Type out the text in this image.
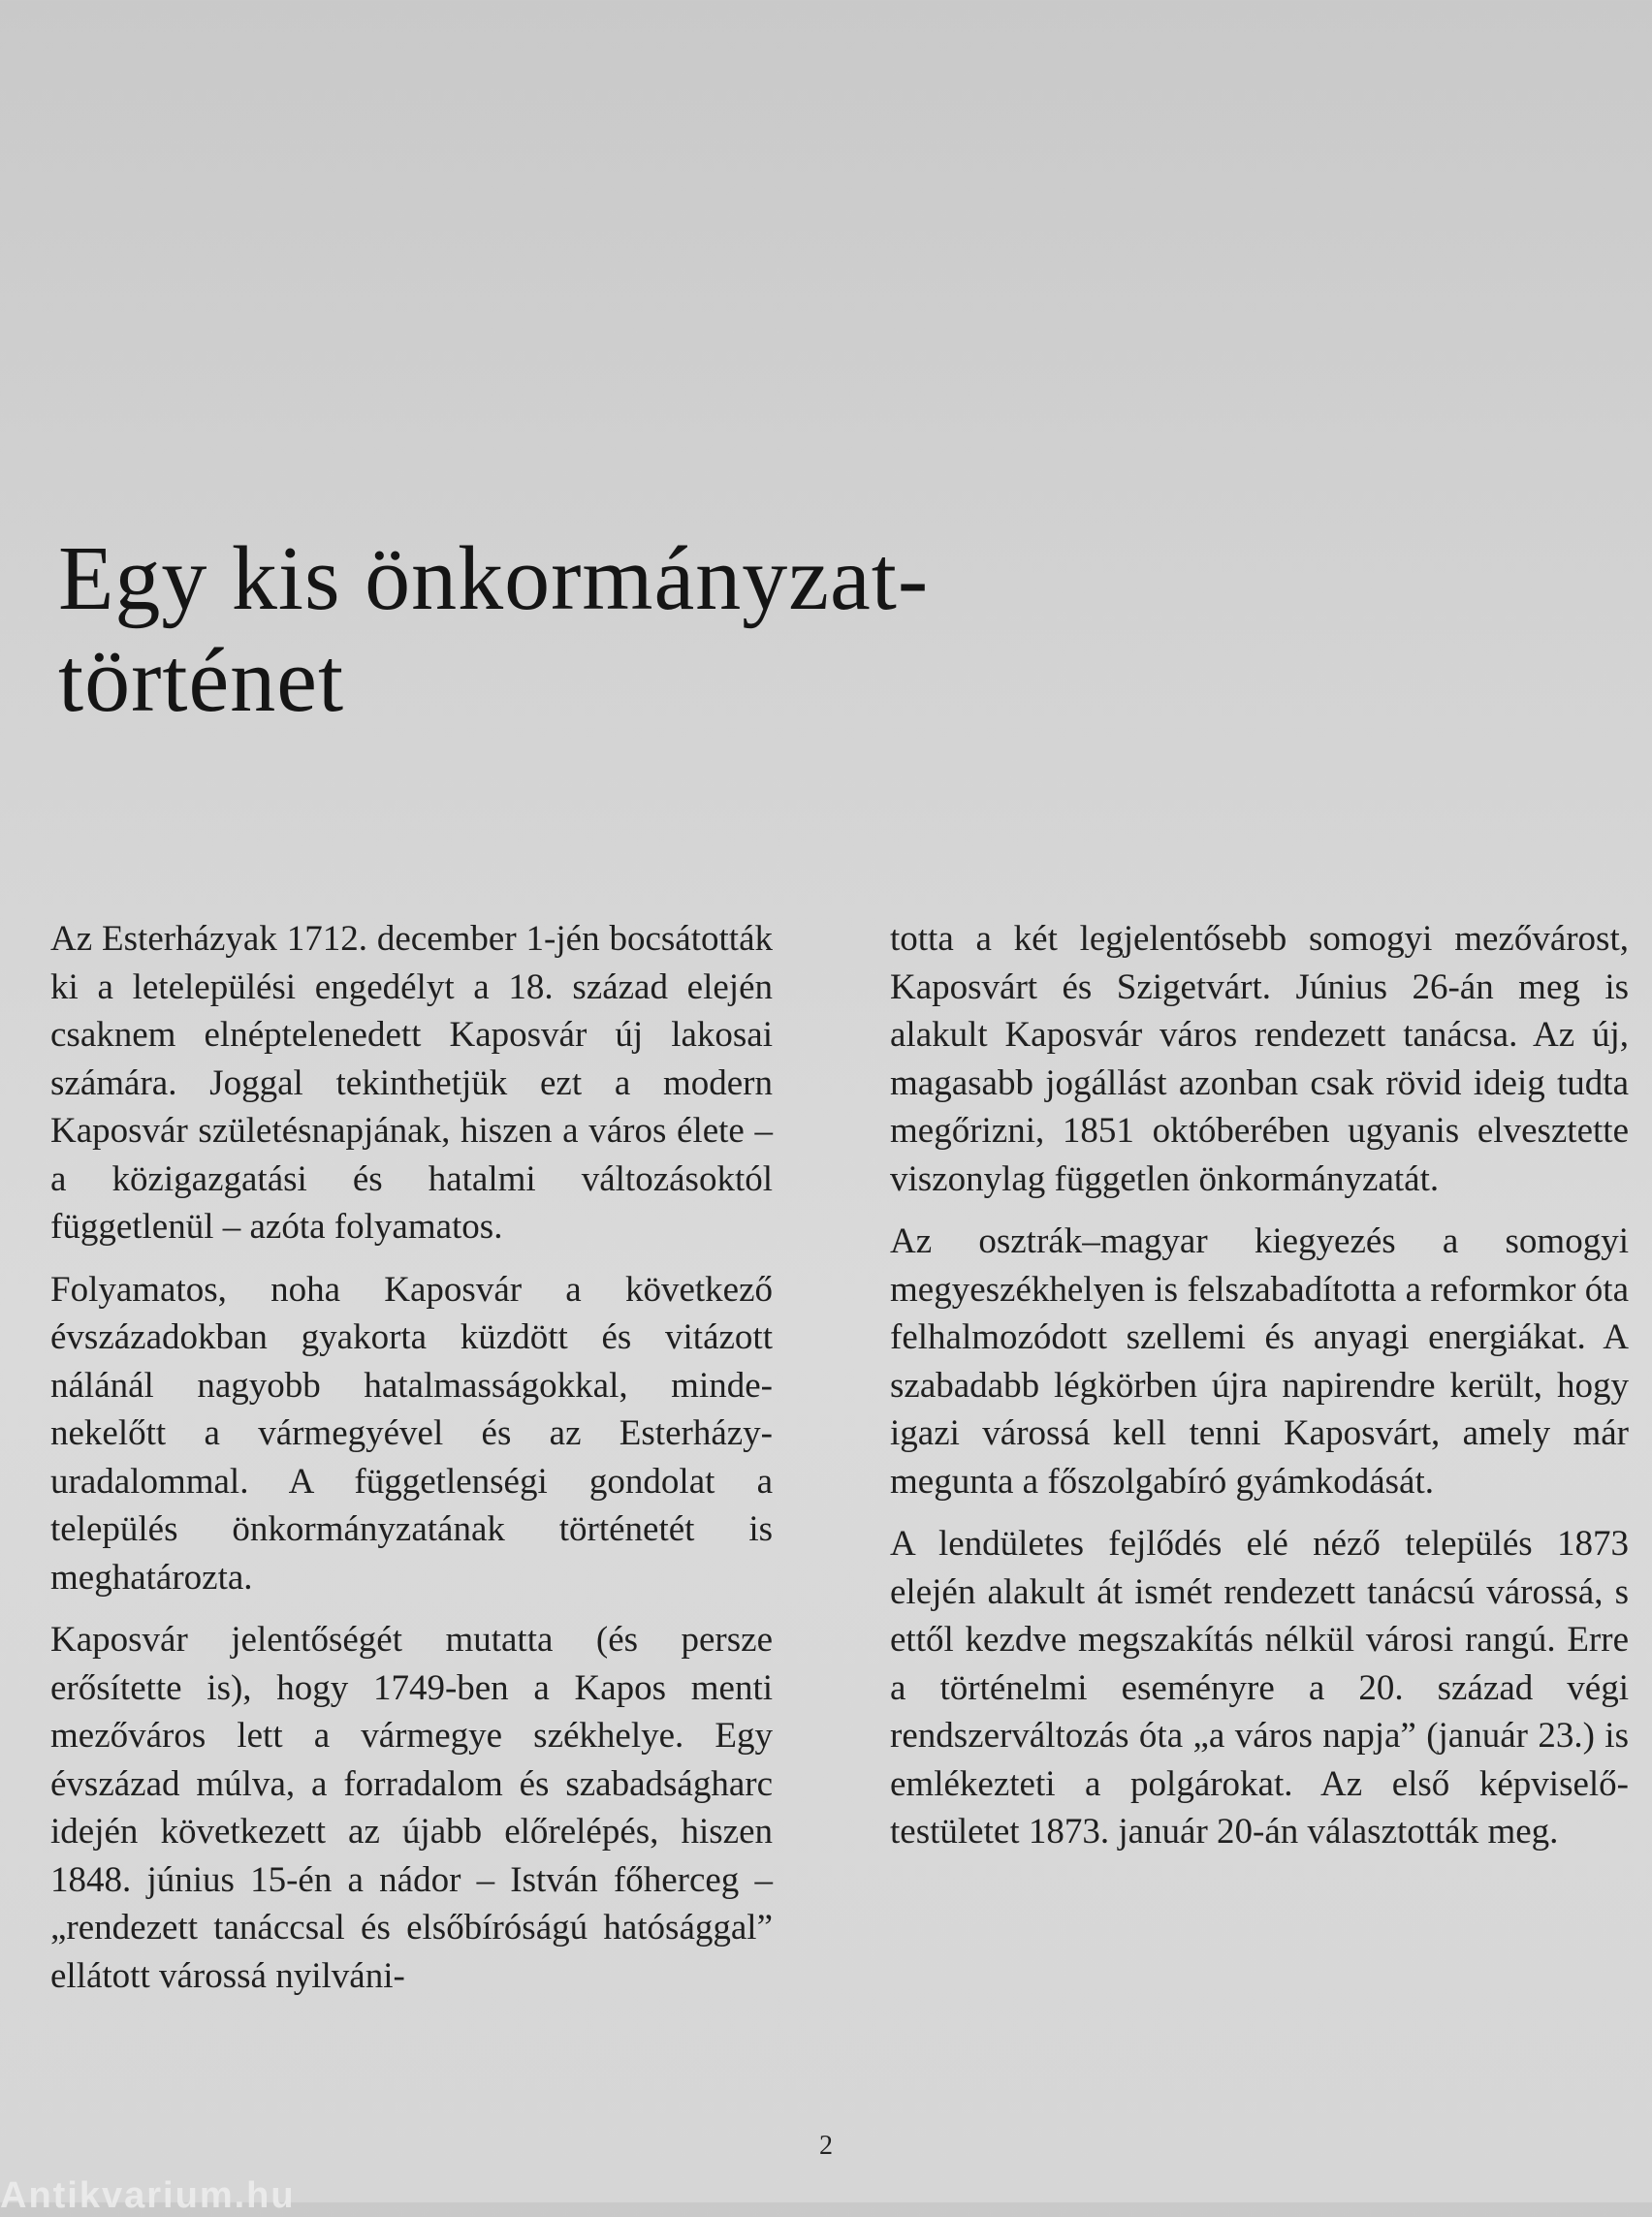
Egy kis önkormányzat-
történet

Az Esterházyak 1712. december 1-jén bocsátották ki a letelepülési engedélyt a 18. század elején csaknem elnéptelenedett Kaposvár új lakosai számára. Joggal tekinthetjük ezt a modern Kaposvár születésnapjának, hiszen a város élete – a közigazgatási és hatalmi változásoktól függetlenül – azóta folyamatos.

Folyamatos, noha Kaposvár a következő évszázadokban gyakorta küzdött és vitázott nálánál nagyobb hatalmasságokkal, mindenekelőtt a vármegyével és az Esterházy-uradalommal. A függetlenségi gondolat a település önkormányzatának történetét is meghatározta.

Kaposvár jelentőségét mutatta (és persze erősítette is), hogy 1749-ben a Kapos menti mezőváros lett a vármegye székhelye. Egy évszázad múlva, a forradalom és szabadságharc idején következett az újabb előrelépés, hiszen 1848. június 15-én a nádor – István főherceg – „rendezett tanáccsal és elsőbíróságú hatósággal” ellátott várossá nyilváni-

totta a két legjelentősebb somogyi mezővárost, Kaposvárt és Szigetvárt. Június 26-án meg is alakult Kaposvár város rendezett tanácsa. Az új, magasabb jogállást azonban csak rövid ideig tudta megőrizni, 1851 októberében ugyanis elvesztette viszonylag független önkormányzatát.

Az osztrák–magyar kiegyezés a somogyi megyeszékhelyen is felszabadította a reformkor óta felhalmozódott szellemi és anyagi energiákat. A szabadabb légkörben újra napirendre került, hogy igazi várossá kell tenni Kaposvárt, amely már megunta a főszolgabíró gyámkodását.

A lendületes fejlődés elé néző település 1873 elején alakult át ismét rendezett tanácsú várossá, s ettől kezdve megszakítás nélkül városi rangú. Erre a történelmi eseményre a 20. század végi rendszerváltozás óta „a város napja” (január 23.) is emlékezteti a polgárokat. Az első képviselő-testületet 1873. január 20-án választották meg.

2
Antikvarium.hu
